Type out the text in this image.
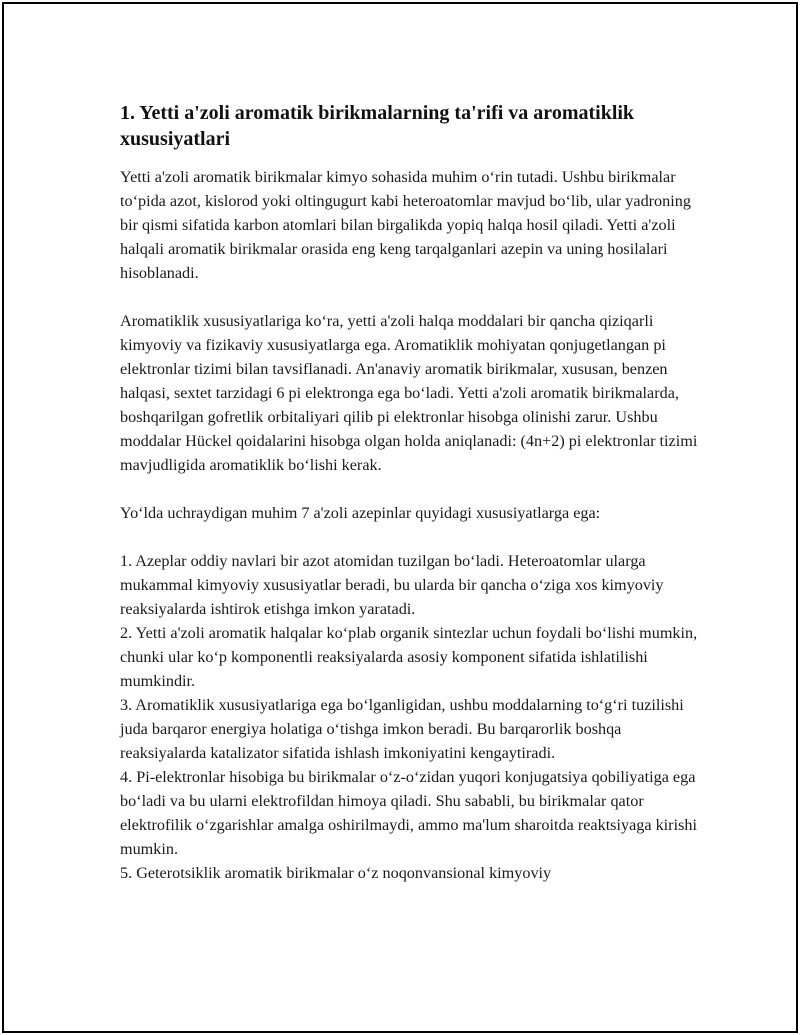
1. Yetti a'zoli aromatik birikmalarning ta'rifi va aromatiklik xususiyatlari

Yetti a'zoli aromatik birikmalar kimyo sohasida muhim o‘rin tutadi. Ushbu birikmalar to‘pida azot, kislorod yoki oltingugurt kabi heteroatomlar mavjud bo‘lib, ular yadroning bir qismi sifatida karbon atomlari bilan birgalikda yopiq halqa hosil qiladi. Yetti a'zoli halqali aromatik birikmalar orasida eng keng tarqalganlari azepin va uning hosilalari hisoblanadi.

Aromatiklik xususiyatlariga ko‘ra, yetti a'zoli halqa moddalari bir qancha qiziqarli kimyoviy va fizikaviy xususiyatlarga ega. Aromatiklik mohiyatan qonjugetlangan pi elektronlar tizimi bilan tavsiflanadi. An'anaviy aromatik birikmalar, xususan, benzen halqasi, sextet tarzidagi 6 pi elektronga ega bo‘ladi. Yetti a'zoli aromatik birikmalarda, boshqarilgan gofretlik orbitaliyari qilib pi elektronlar hisobga olinishi zarur. Ushbu moddalar Hückel qoidalarini hisobga olgan holda aniqlanadi: (4n+2) pi elektronlar tizimi mavjudligida aromatiklik bo‘lishi kerak.

Yo‘lda uchraydigan muhim 7 a'zoli azepinlar quyidagi xususiyatlarga ega:

1. Azeplar oddiy navlari bir azot atomidan tuzilgan bo‘ladi. Heteroatomlar ularga mukammal kimyoviy xususiyatlar beradi, bu ularda bir qancha o‘ziga xos kimyoviy reaksiyalarda ishtirok etishga imkon yaratadi.

2. Yetti a'zoli aromatik halqalar ko‘plab organik sintezlar uchun foydali bo‘lishi mumkin, chunki ular ko‘p komponentli reaksiyalarda asosiy komponent sifatida ishlatilishi mumkindir.

3. Aromatiklik xususiyatlariga ega bo‘lganligidan, ushbu moddalarning to‘g‘ri tuzilishi juda barqaror energiya holatiga o‘tishga imkon beradi. Bu barqarorlik boshqa reaksiyalarda katalizator sifatida ishlash imkoniyatini kengaytiradi.

4. Pi-elektronlar hisobiga bu birikmalar o‘z-o‘zidan yuqori konjugatsiya qobiliyatiga ega bo‘ladi va bu ularni elektrofildan himoya qiladi. Shu sababli, bu birikmalar qator elektrofilik o‘zgarishlar amalga oshirilmaydi, ammo ma'lum sharoitda reaktsiyaga kirishi mumkin.

5. Geterotsiklik aromatik birikmalar o‘z noqonvansional kimyoviy
